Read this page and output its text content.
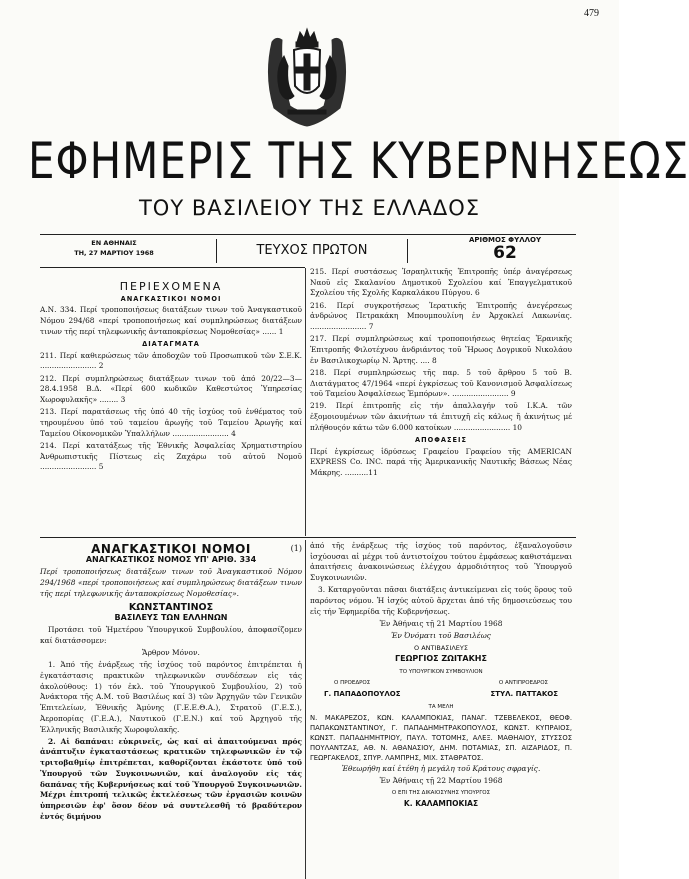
479
ΕΦΗΜΕΡΙΣ ΤΗΣ ΚΥΒΕΡΝΗΣΕΩΣ
ΤΟΥ ΒΑΣΙΛΕΙΟΥ ΤΗΣ ΕΛΛΑΔΟΣ
ΕΝ ΑΘΗΝΑΙΣ
ΤΗ, 27 ΜΑΡΤΙΟΥ 1968	ΤΕΥΧΟΣ ΠΡΩΤΟΝ
ΑΡΙΘΜΟΣ ΦΥΛΛΟΥ
62
ΠΕΡΙΕΧΟΜΕΝΑ
ΑΝΑΓΚΑΣΤΙΚΟΙ ΝΟΜΟΙ

Α.Ν. 334. Περί τροποποιήσεως διατάξεων τινων τοῦ Ἀναγκαστικοῦ Νόμου 294/68 «περί τροποποιήσεως καί συμπληρώσεως διατάξεων τινων τῆς περί τηλεφωνικῆς ἀνταποκρίσεως Νομοθεσίας» ...... 1

ΔΙΑΤΑΓΜΑΤΑ

211. Περί καθιερώσεως τῶν ἀποδοχῶν τοῦ Προσωπικοῦ τῶν Σ.Ε.Κ. ........................ 2

212. Περί συμπληρώσεως διατάξεων τινων τοῦ ἀπό 20/22—3—28.4.1958 Β.Δ. «Περί 600 κωδικῶν Καθεστώτος Ὑπηρεσίας Χωροφυλακῆς» ........ 3

213. Περί παρατάσεως τῆς ὑπό 40 τῆς ἰσχύος τοῦ ἐνθέματος τοῦ τηρουμένου ὑπό τοῦ ταμείου ἀρωγῆς τοῦ Ταμείου Ἀρωγῆς καί Ταμείου Οἰκονομικῶν Ὑπαλλήλων ........................ 4

214. Περί κατατάξεως τῆς Ἐθνικῆς Ἀσφαλείας Χρηματιστηρίου Ἀνθρωπιστικῆς Πίστεως εἰς Ζαχάρω τοῦ αὐτοῦ Νομοῦ ........................ 5

215. Περί συστάσεως Ἰσραηλιτικῆς Ἐπιτροπῆς ὑπέρ ἀναγέρσεως Ναοῦ εἰς Σκαλανίου Δημοτικοῦ Σχολείου καί Ἐπαγγελματικοῦ Σχολείου τῆς Σχολῆς Καρκαλάκου Πύργου. 6

216. Περί συγκροτήσεως Ἰερατικῆς Ἐπιτροπῆς ἀνεγέρσεως ἀνδρώνος Πετρακάκη Μπουμπουλίνη ἐν Ἀρχοκλεί Λακωνίας. ........................ 7

217. Περί συμπληρώσεως καί τροποποιήσεως θητείας Ἐρανικῆς Ἐπιτροπῆς Φιλοτέχνου ἀνδριάντος τοῦ Ἥρωος Δογρικοῦ Νικολάου ἐν Βασιλικοχωρίῳ Ν. Ἄρτης. .... 8

218. Περί συμπληρώσεως τῆς παρ. 5 τοῦ ἄρθρου 5 τοῦ Β. Διατάγματος 47/1964 «περί ἐγκρίσεως τοῦ Κανονισμοῦ Ἀσφαλίσεως τοῦ Ταμείου Ἀσφαλίσεως Ἐμπόρων». ........................ 9

219. Περί ἐπιτροπῆς εἰς τήν ἀπαλλαγήν τοῦ Ι.Κ.Α. τῶν ἐξομοιουμένων τῶν ἀκινήτων τά ἐπιτυχῆ εἰς κάλως ἤ ἀκινήτως μέ πλήθουςόν κάτω τῶν 6.000 κατοίκων ........................ 10

ΑΠΟΦΑΣΕΙΣ

Περί ἐγκρίσεως ἱδρύσεως Γραφείου Γραφείου τῆς AMERICAN EXPRESS Co. INC. παρά τῆς Ἀμερικανικῆς Ναυτικῆς Βάσεως Νέας Μάκρης. ..........11

ΑΝΑΓΚΑΣΤΙΚΟΙ ΝΟΜΟΙ	(1)
ΑΝΑΓΚΑΣΤΙΚΟΣ ΝΟΜΟΣ ΥΠ' ΑΡΙΘ. 334

Περί τροποποιήσεως διατάξεων τινων τοῦ Ἀναγκαστικοῦ Νόμου 294/1968 «περί τροποποιήσεως καί συμπληρώσεως διατάξεων τινων τῆς περί τηλεφωνικῆς ἀνταποκρίσεως Νομοθεσίας».

ΚΩΝΣΤΑΝΤΙΝΟΣ
ΒΑΣΙΛΕΥΣ ΤΩΝ ΕΛΛΗΝΩΝ

Προτάσει τοῦ Ἡμετέρου Ὑπουργικοῦ Συμβουλίου, ἀποφασίζομεν καί διατάσσομεν:

Ἄρθρον Μόνον.

1. Ἀπό τῆς ἐνάρξεως τῆς ἰσχύος τοῦ παρόντος ἐπιτρέπεται ἡ ἐγκατάστασις πρακτικῶν τηλεφωνικῶν συνδέσεων εἰς τάς ἀκολούθους: 1) τόν ἐκλ. τοῦ Ὑπουργικοῦ Συμβουλίου, 2) τοῦ Ἀνάκτορα τῆς Α.Μ. τοῦ Βασιλέως καί 3) τῶν Ἀρχηγῶν τῶν Γενικῶν Ἐπιτελείων, Ἐθνικῆς Ἀμύνης (Γ.Ε.Ε.Θ.Α.), Στρατοῦ (Γ.Ε.Σ.), Ἀεροπορίας (Γ.Ε.Α.), Ναυτικοῦ (Γ.Ε.Ν.) καί τοῦ Ἀρχηγοῦ τῆς Ἑλληνικῆς Βασιλικῆς Χωροφυλακῆς.

2. Αἱ δαπάναι: εὐκρινεῖς, ὡς καί αἱ ἀπαιτούμεναι πρός ἀνάπτυξιν ἐγκαταστάσεως κρατικῶν τηλεφωνικῶν ἐν τῷ τριτοβαθμίῳ ἐπιτρέπεται, καθορίζονται ἐκάστοτε ὑπό τοῦ Ὑπουργοῦ τῶν Συγκοινωνιῶν, καί ἀναλογοῦν εἰς τάς δαπάνας τῆς Κυβερνήσεως καί τοῦ Ὑπουργοῦ Συγκοινωνιῶν. Μέχρι ἐπιτροπή τελικῶς ἐκτελέσεως τῶν ἐργασιῶν κοινῶν ὑπηρεσιῶν ἐφ' ὅσον δέον νά συντελεσθῆ τό βραδύτερον ἐντός διμήνου

ἀπό τῆς ἐνάρξεως τῆς ἰσχύος τοῦ παρόντος, ἐξαναλογοῦσιν ἰσχύουσαι αἱ μέχρι τοῦ ἀντιστοίχου τούτου ἐμφάσεως καθιστάμεναι ἀπαιτήσεις ἀνακοινώσεως ἐλέγχου ἀρμοδιότητος τοῦ Ὑπουργοῦ Συγκοινωνιῶν.

3. Καταργοῦνται πᾶσαι διατάξεις ἀντικείμεναι εἰς τούς ὅρους τοῦ παρόντος νόμου. Ἡ ἰσχύς αὐτοῦ ἄρχεται ἀπό τῆς δημοσιεύσεως του εἰς τήν Ἐφημερίδα τῆς Κυβερνήσεως.

Ἐν Ἀθήναις τῇ 21 Μαρτίου 1968

Ἐν Ὀνόματι τοῦ Βασιλέως

Ο ΑΝΤΙΒΑΣΙΛΕΥΣ
ΓΕΩΡΓΙΟΣ ΖΩΙΤΑΚΗΣ
ΤΟ ΥΠΟΥΡΓΙΚΟΝ ΣΥΜΒΟΥΛΙΟΝ
Ο ΠΡΟΕΔΡΟΣ	Ο ΑΝΤΙΠΡΟΕΔΡΟΣ
Γ. ΠΑΠΑΔΟΠΟΥΛΟΣ	ΣΤΥΛ. ΠΑΤΤΑΚΟΣ
ΤΑ ΜΕΛΗ

Ν. ΜΑΚΑΡΕΖΟΣ, ΚΩΝ. ΚΑΛΑΜΠΟΚΙΑΣ, ΠΑΝΑΓ. ΤΖΕΒΕΛΕΚΟΣ, ΘΕΟΦ. ΠΑΠΑΚΩΝΣΤΑΝΤΙΝΟΥ, Γ. ΠΑΠΑΔΗΜΗΤΡΑΚΟΠΟΥΛΟΣ, ΚΩΝΣΤ. ΚΥΠΡΑΙΟΣ, ΚΩΝΣΤ. ΠΑΠΑΔΗΜΗΤΡΙΟΥ, ΠΑΥΛ. ΤΟΤΟΜΗΣ, ΑΛΕΞ. ΜΑΘΗΑΙΟΥ, ΣΤΥΣΣΟΣ ΠΟΥΛΑΝΤΖΑΣ, ΑΘ. Ν. ΑΘΑΝΑΣΙΟΥ, ΔΗΜ. ΠΟΤΑΜΙΑΣ, ΣΠ. ΑΙΖΑΡΙΔΟΣ, Π. ΓΕΩΡΓΑΚΕΛΟΣ, ΣΠΥΡ. ΛΑΜΠΡΗΣ, ΜΙΧ. ΣΤΑΘΡΑΤΟΣ.

Ἐθεωρήθη καί ἐτέθη ἡ μεγάλη τοῦ Κράτους σφραγίς.

Ἐν Ἀθήναις τῇ 22 Μαρτίου 1968

Ο ΕΠΙ ΤΗΣ ΔΙΚΑΙΟΣΥΝΗΣ ΥΠΟΥΡΓΟΣ
Κ. ΚΑΛΑΜΠΟΚΙΑΣ
